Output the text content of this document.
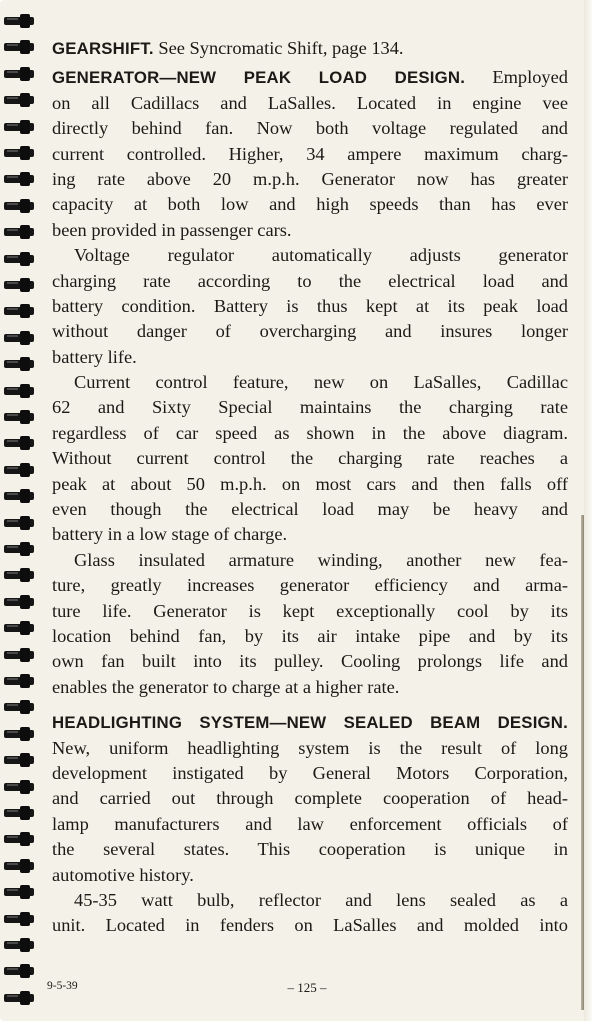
GEARSHIFT. See Syncromatic Shift, page 134.
GENERATOR—NEW PEAK LOAD DESIGN. Employed
on all Cadillacs and LaSalles. Located in engine vee
directly behind fan. Now both voltage regulated and
current controlled. Higher, 34 ampere maximum charg-
ing rate above 20 m.p.h. Generator now has greater
capacity at both low and high speeds than has ever
been provided in passenger cars.
Voltage regulator automatically adjusts generator
charging rate according to the electrical load and
battery condition. Battery is thus kept at its peak load
without danger of overcharging and insures longer
battery life.
Current control feature, new on LaSalles, Cadillac
62 and Sixty Special maintains the charging rate
regardless of car speed as shown in the above diagram.
Without current control the charging rate reaches a
peak at about 50 m.p.h. on most cars and then falls off
even though the electrical load may be heavy and
battery in a low stage of charge.
Glass insulated armature winding, another new fea-
ture, greatly increases generator efficiency and arma-
ture life. Generator is kept exceptionally cool by its
location behind fan, by its air intake pipe and by its
own fan built into its pulley. Cooling prolongs life and
enables the generator to charge at a higher rate.
HEADLIGHTING SYSTEM—NEW SEALED BEAM DESIGN.
New, uniform headlighting system is the result of long
development instigated by General Motors Corporation,
and carried out through complete cooperation of head-
lamp manufacturers and law enforcement officials of
the several states. This cooperation is unique in
automotive history.
45-35 watt bulb, reflector and lens sealed as a
unit. Located in fenders on LaSalles and molded into
9-5-39	– 125 –
